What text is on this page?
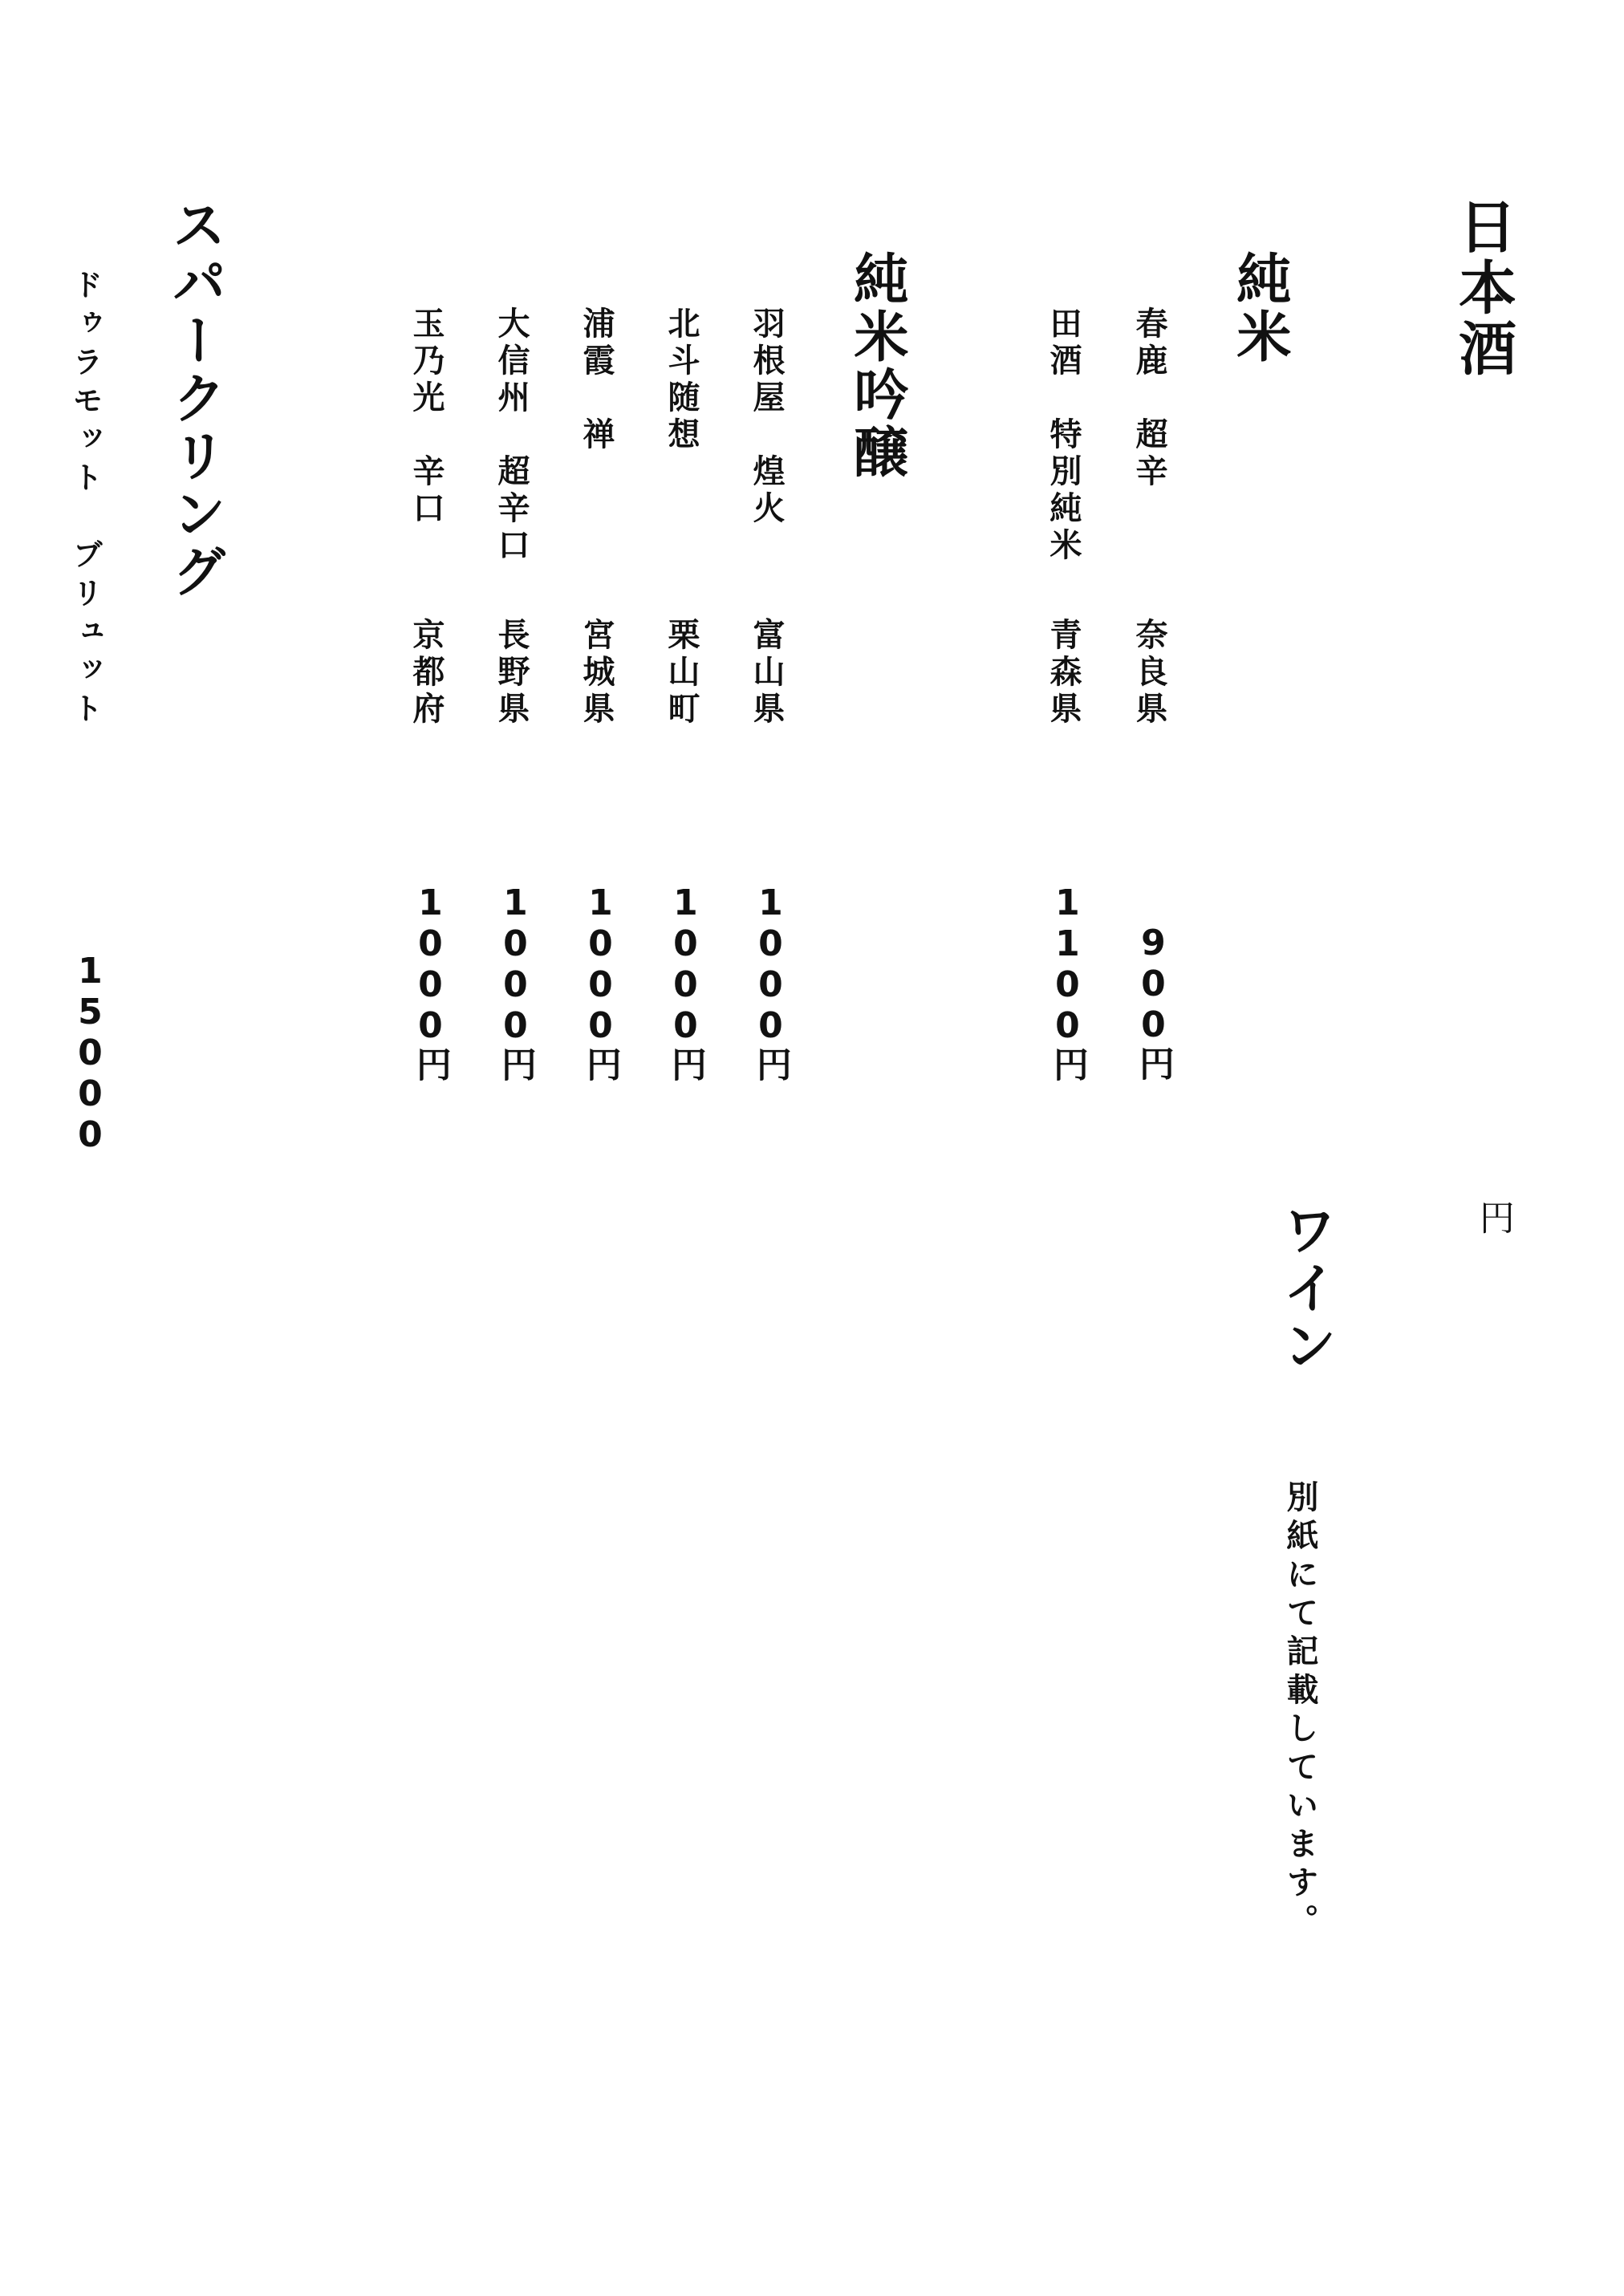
日本酒
純米
春鹿　超辛
奈良県
900円
田酒　特別純米
青森県
1100円
純米吟醸
羽根屋　煌火
富山県
1000円
北斗随想
栗山町
1000円
浦霞　禅
宮城県
1000円
大信州　超辛口
長野県
1000円
玉乃光　辛口
京都府
1000円
スパークリング
ドゥラモット　ブリュット
15000
円
ワイン
別紙にて記載しています。
